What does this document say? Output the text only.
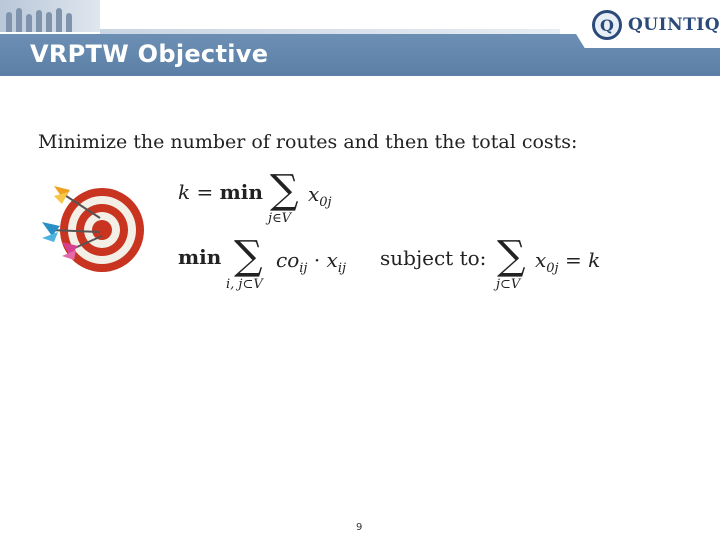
VRPTW Objective
Q QUINTIQ
Minimize the number of routes and then the total costs:
k = min ∑
j∈V
$x_{0j}$
min ∑
i, j⊂V
$co_{ij} \cdot x_{ij}$ subject to: ∑
j⊂V
$x_{0j} = k$
9
